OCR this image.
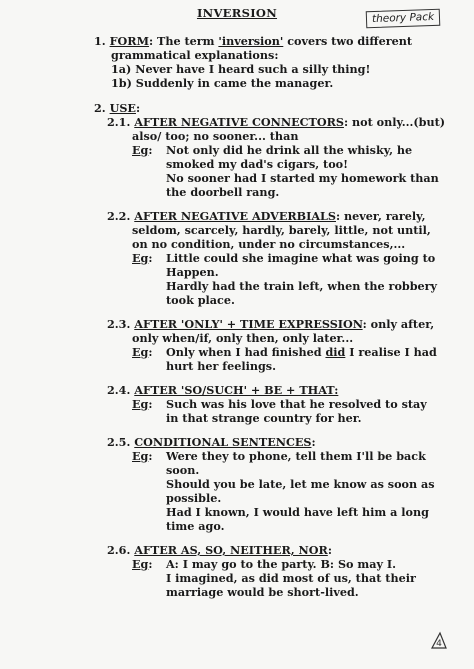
INVERSION	theory Pack
1. FORM: The term 'inversion' covers two different
grammatical explanations:
1a) Never have I heard such a silly thing!
1b) Suddenly in came the manager.
2. USE:
2.1. AFTER NEGATIVE CONNECTORS: not only...(but)
also/ too; no sooner... than
Eg: Not only did he drink all the whisky, he
smoked my dad's cigars, too!
No sooner had I started my homework than
the doorbell rang.
2.2. AFTER NEGATIVE ADVERBIALS: never, rarely,
seldom, scarcely, hardly, barely, little, not until,
on no condition, under no circumstances,...
Eg: Little could she imagine what was going to
Happen.
Hardly had the train left, when the robbery
took place.
2.3. AFTER 'ONLY' + TIME EXPRESSION: only after,
only when/if, only then, only later...
Eg: Only when I had finished did I realise I had
hurt her feelings.
2.4. AFTER 'SO/SUCH' + BE + THAT:
Eg: Such was his love that he resolved to stay
in that strange country for her.
2.5. CONDITIONAL SENTENCES:
Eg: Were they to phone, tell them I'll be back
soon.
Should you be late, let me know as soon as
possible.
Had I known, I would have left him a long
time ago.
2.6. AFTER AS, SO, NEITHER, NOR:
Eg: A: I may go to the party. B: So may I.
I imagined, as did most of us, that their
marriage would be short-lived.
4
